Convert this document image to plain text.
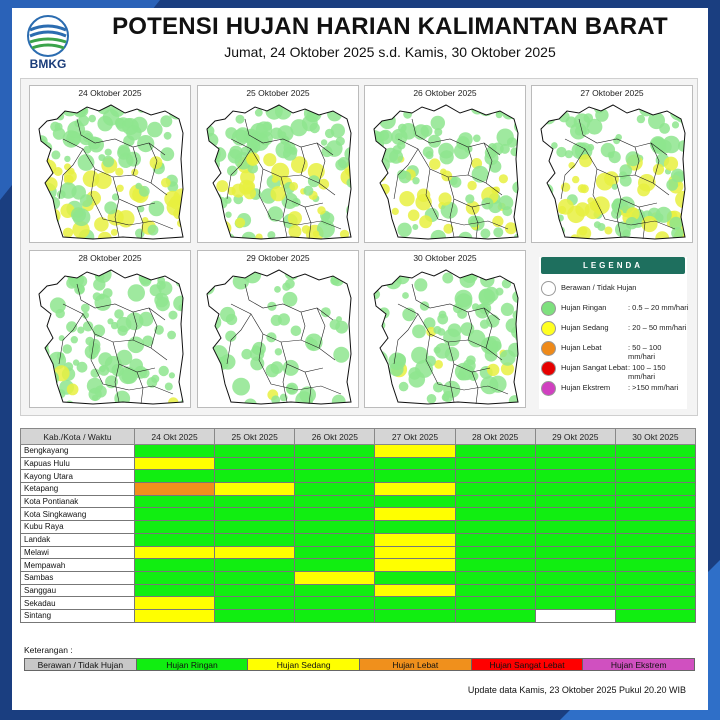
BMKG
POTENSI HUJAN HARIAN KALIMANTAN BARAT
Jumat, 24 Oktober 2025 s.d. Kamis, 30 Oktober 2025
24 Oktober 2025	25 Oktober 2025	26 Oktober 2025	27 Oktober 2025
28 Oktober 2025	29 Oktober 2025	30 Oktober 2025
LEGENDA
Berawan / Tidak Hujan
Hujan Ringan	: 0.5 – 20 mm/hari
Hujan Sedang	: 20 – 50 mm/hari
Hujan Lebat	: 50 – 100 mm/hari
Hujan Sangat Lebat : 100 – 150 mm/hari
Hujan Ekstrem : >150 mm/hari
Kab./Kota / Waktu	24 Okt 2025	25 Okt 2025	26 Okt 2025	27 Okt 2025	28 Okt 2025	29 Okt 2025	30 Okt 2025
Bengkayang							
Kapuas Hulu							
Kayong Utara							
Ketapang							
Kota Pontianak							
Kota Singkawang							
Kubu Raya							
Landak							
Melawi							
Mempawah							
Sambas							
Sanggau							
Sekadau							
Sintang							
Keterangan :
Berawan / Tidak Hujan	Hujan Ringan	Hujan Sedang	Hujan Lebat	Hujan Sangat Lebat	Hujan Ekstrem
Update data Kamis, 23 Oktober 2025 Pukul 20.20 WIB
